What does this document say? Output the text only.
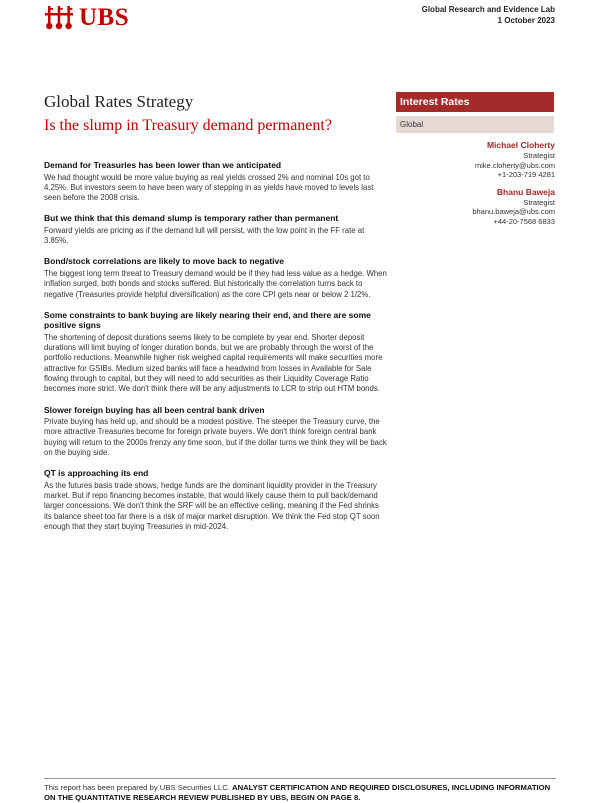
UBS	Global Research and Evidence Lab
1 October 2023
Global Rates Strategy
Is the slump in Treasury demand permanent?
Interest Rates
Global
Michael Cloherty
Strategist
mike.cloherty@ubs.com
+1-203-719 4281
Bhanu Baweja
Strategist
bhanu.baweja@ubs.com
+44-20-7568 6833
Demand for Treasuries has been lower than we anticipated
We had thought would be more value buying as real yields crossed 2% and nominal 10s got to 4.25%. But investors seem to have been wary of stepping in as yields have moved to levels last seen before the 2008 crisis.
But we think that this demand slump is temporary rather than permanent
Forward yields are pricing as if the demand lull will persist, with the low point in the FF rate at 3.85%.
Bond/stock correlations are likely to move back to negative
The biggest long term threat to Treasury demand would be if they had less value as a hedge. When inflation surged, both bonds and stocks suffered. But historically the correlation turns back to negative (Treasuries provide helpful diversification) as the core CPI gets near or below 2 1/2%.
Some constraints to bank buying are likely nearing their end, and there are some positive signs
The shortening of deposit durations seems likely to be complete by year end. Shorter deposit durations will limit buying of longer duration bonds, but we are probably through the worst of the portfolio reductions. Meanwhile higher risk weighed capital requirements will make securities more attractive for GSIBs. Medium sized banks will face a headwind from losses in Available for Sale flowing through to capital, but they will need to add securities as their Liquidity Coverage Ratio becomes more strict. We don't think there will be any adjustments to LCR to strip out HTM bonds.
Slower foreign buying has all been central bank driven
Private buying has held up, and should be a modest positive. The steeper the Treasury curve, the more attractive Treasuries become for foreign private buyers. We don't think foreign central bank buying will return to the 2000s frenzy any time soon, but if the dollar turns we think they will be back on the buying side.
QT is approaching its end
As the futures basis trade shows, hedge funds are the dominant liquidity provider in the Treasury market. But if repo financing becomes instable, that would likely cause them to pull back/demand larger concessions. We don't think the SRF will be an effective ceiling, meaning if the Fed shrinks its balance sheet too far there is a risk of major market disruption. We think the Fed stop QT soon enough that they start buying Treasuries in mid-2024.
This report has been prepared by UBS Securities LLC. ANALYST CERTIFICATION AND REQUIRED DISCLOSURES, INCLUDING INFORMATION ON THE QUANTITATIVE RESEARCH REVIEW PUBLISHED BY UBS, BEGIN ON PAGE 8.
